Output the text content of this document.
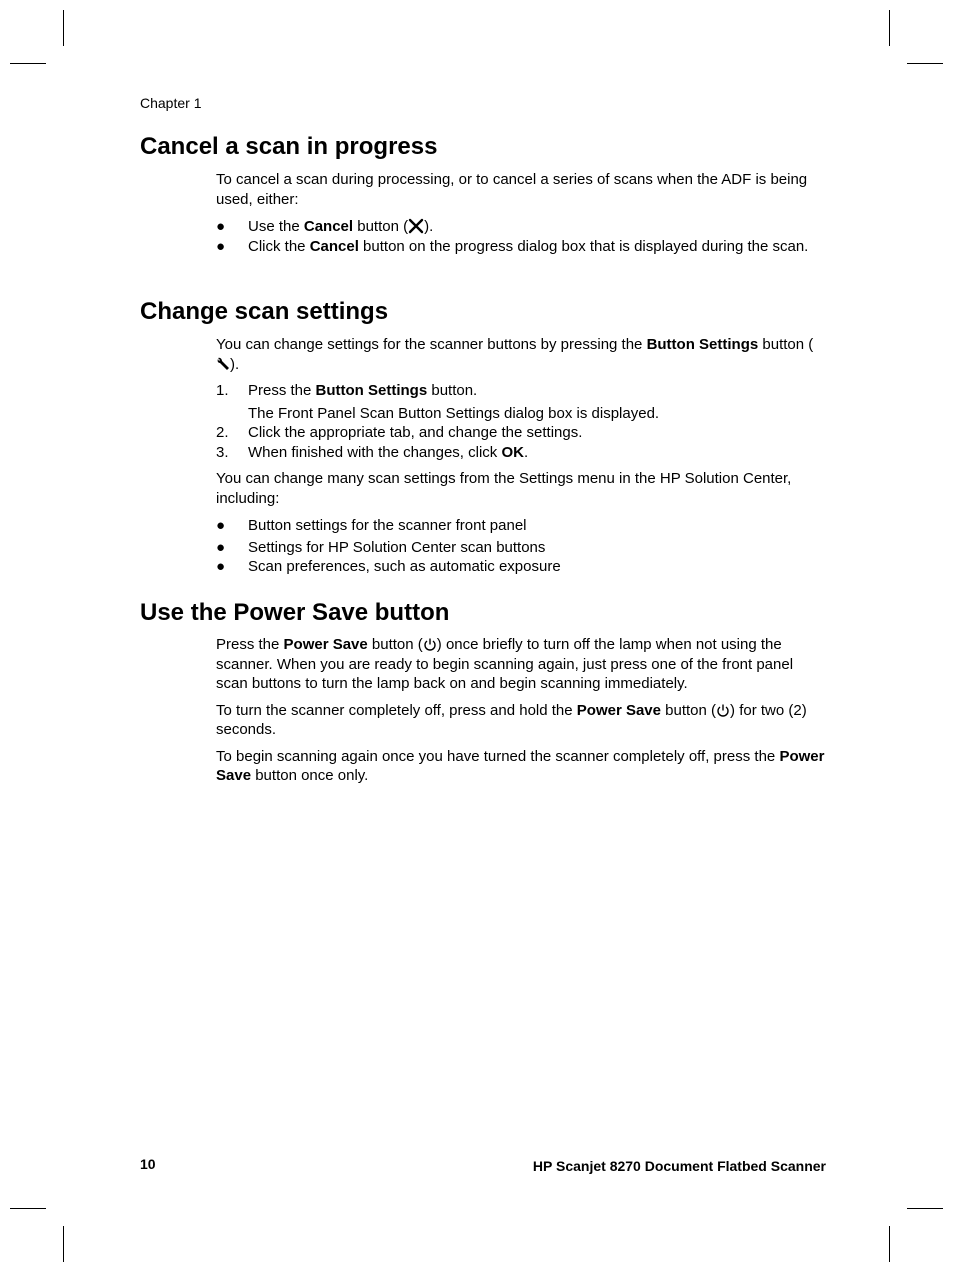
Chapter 1
Cancel a scan in progress

To cancel a scan during processing, or to cancel a series of scans when the ADF is being used, either:

● Use the Cancel button ( ).
● Click the Cancel button on the progress dialog box that is displayed during the scan.
Change scan settings

You can change settings for the scanner buttons by pressing the Button Settings button ().

1. Press the Button Settings button.
The Front Panel Scan Button Settings dialog box is displayed.
2. Click the appropriate tab, and change the settings.
3. When finished with the changes, click OK.

You can change many scan settings from the Settings menu in the HP Solution Center, including:

● Button settings for the scanner front panel
● Settings for HP Solution Center scan buttons
● Scan preferences, such as automatic exposure
Use the Power Save button

Press the Power Save button ( ) once briefly to turn off the lamp when not using the scanner. When you are ready to begin scanning again, just press one of the front panel scan buttons to turn the lamp back on and begin scanning immediately.

To turn the scanner completely off, press and hold the Power Save button ( ) for two (2) seconds.

To begin scanning again once you have turned the scanner completely off, press the Power Save button once only.

10	HP Scanjet 8270 Document Flatbed Scanner
